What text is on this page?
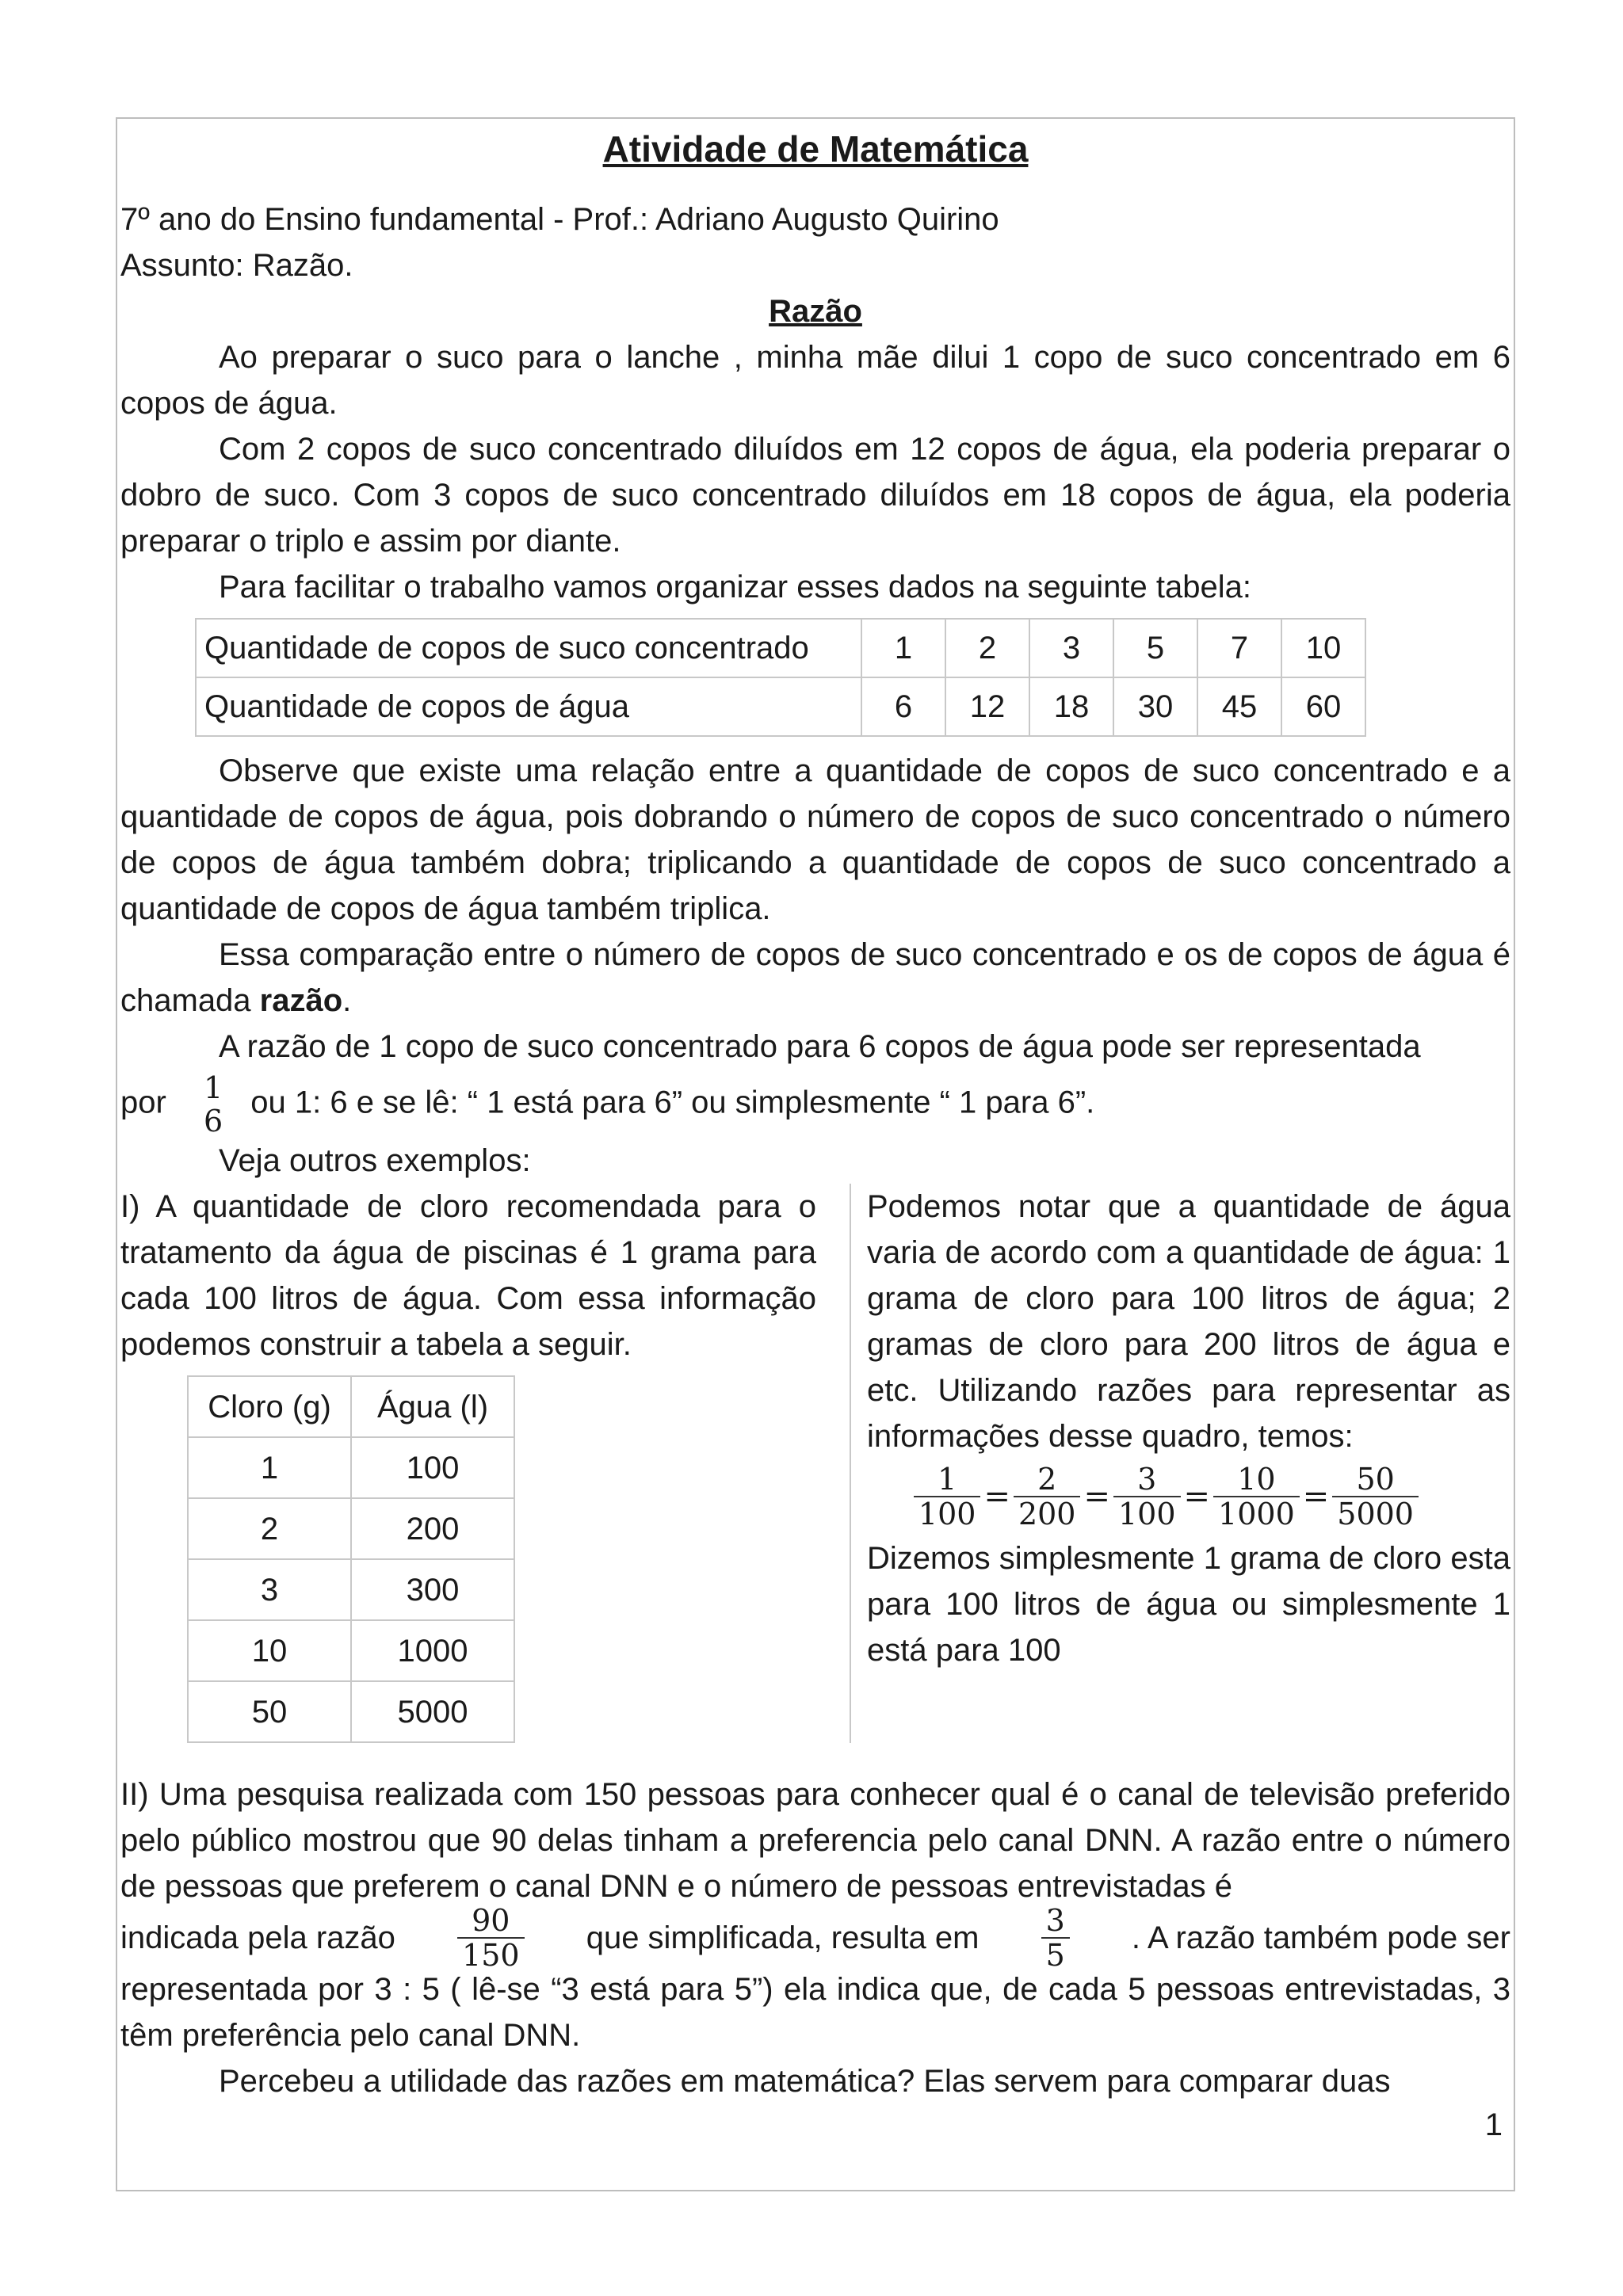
Atividade de Matemática

7º ano do Ensino fundamental - Prof.: Adriano Augusto Quirino

Assunto: Razão.

Razão

Ao preparar o suco para o lanche , minha mãe dilui 1 copo de suco concentrado em 6 copos de água.

Com 2 copos de suco concentrado diluídos em 12 copos de água, ela poderia preparar o dobro de suco. Com 3 copos de suco concentrado diluídos em 18 copos de água, ela poderia preparar o triplo e assim por diante.

Para facilitar o trabalho vamos organizar esses dados na seguinte tabela:

Quantidade de copos de suco concentrado	1	2	3	5	7	10
Quantidade de copos de água	6	12	18	30	45	60

Observe que existe uma relação entre a quantidade de copos de suco concentrado e a quantidade de copos de água, pois dobrando o número de copos de suco concentrado o número de copos de água também dobra; triplicando a quantidade de copos de suco concentrado a quantidade de copos de água também triplica.

Essa comparação entre o número de copos de suco concentrado e os de copos de água é chamada razão.

A razão de 1 copo de suco concentrado para 6 copos de água pode ser representada

por 1
6
ou 1: 6 e se lê: “ 1 está para 6” ou simplesmente “ 1 para 6”.

Veja outros exemplos:

I) A quantidade de cloro recomendada para o tratamento da água de piscinas é 1 grama para cada 100 litros de água. Com essa informação podemos construir a tabela a seguir.

Cloro (g)	Água (l)
1	100
2	200
3	300
10	1000
50	5000

Podemos notar que a quantidade de água varia de acordo com a quantidade de água: 1 grama de cloro para 100 litros de água; 2 gramas de cloro para 200 litros de água e etc. Utilizando razões para representar as informações desse quadro, temos:

$\frac{1}{100} = \frac{2}{200} = \frac{3}{100} = \frac{10}{1000} = \frac{50}{5000}$

Dizemos simplesmente 1 grama de cloro esta para 100 litros de água ou simplesmente 1 está para 100

II) Uma pesquisa realizada com 150 pessoas para conhecer qual é o canal de televisão preferido pelo público mostrou que 90 delas tinham a preferencia pelo canal DNN. A razão entre o número de pessoas que preferem o canal DNN e o número de pessoas entrevistadas é

indicada pela razão $\frac{90}{150}$ que simplificada, resulta em $\frac{3}{5}$ . A razão também pode ser

representada por 3 : 5 ( lê-se “3 está para 5”) ela indica que, de cada 5 pessoas entrevistadas, 3 têm preferência pelo canal DNN.

Percebeu a utilidade das razões em matemática? Elas servem para comparar duas

1
